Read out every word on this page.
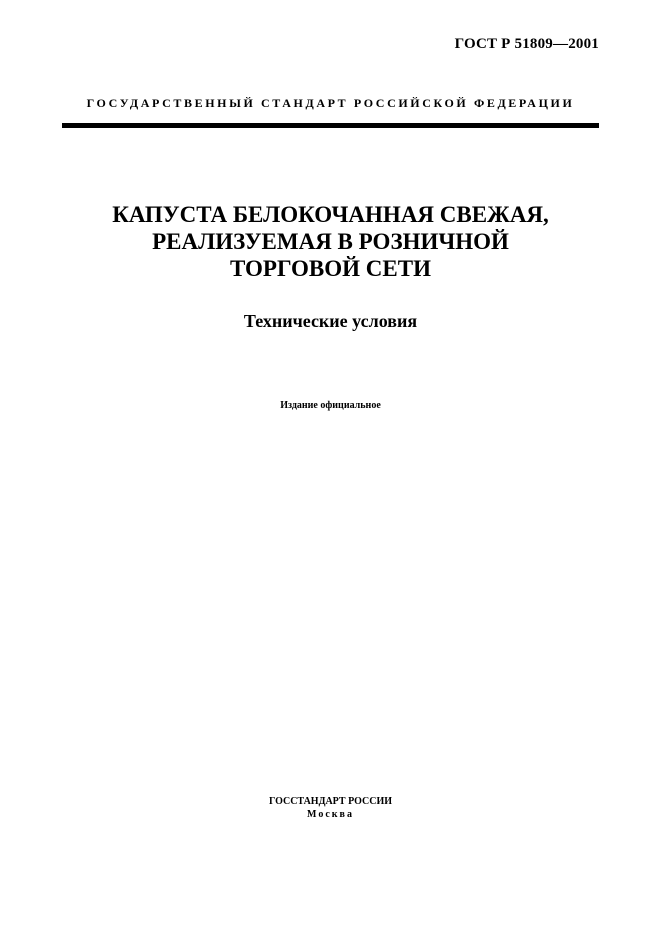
ГОСТ Р 51809—2001
ГОСУДАРСТВЕННЫЙ СТАНДАРТ РОССИЙСКОЙ ФЕДЕРАЦИИ
КАПУСТА БЕЛОКОЧАННАЯ СВЕЖАЯ,
РЕАЛИЗУЕМАЯ В РОЗНИЧНОЙ
ТОРГОВОЙ СЕТИ
Технические условия
Издание официальное
ГОССТАНДАРТ РОССИИ
Москва
